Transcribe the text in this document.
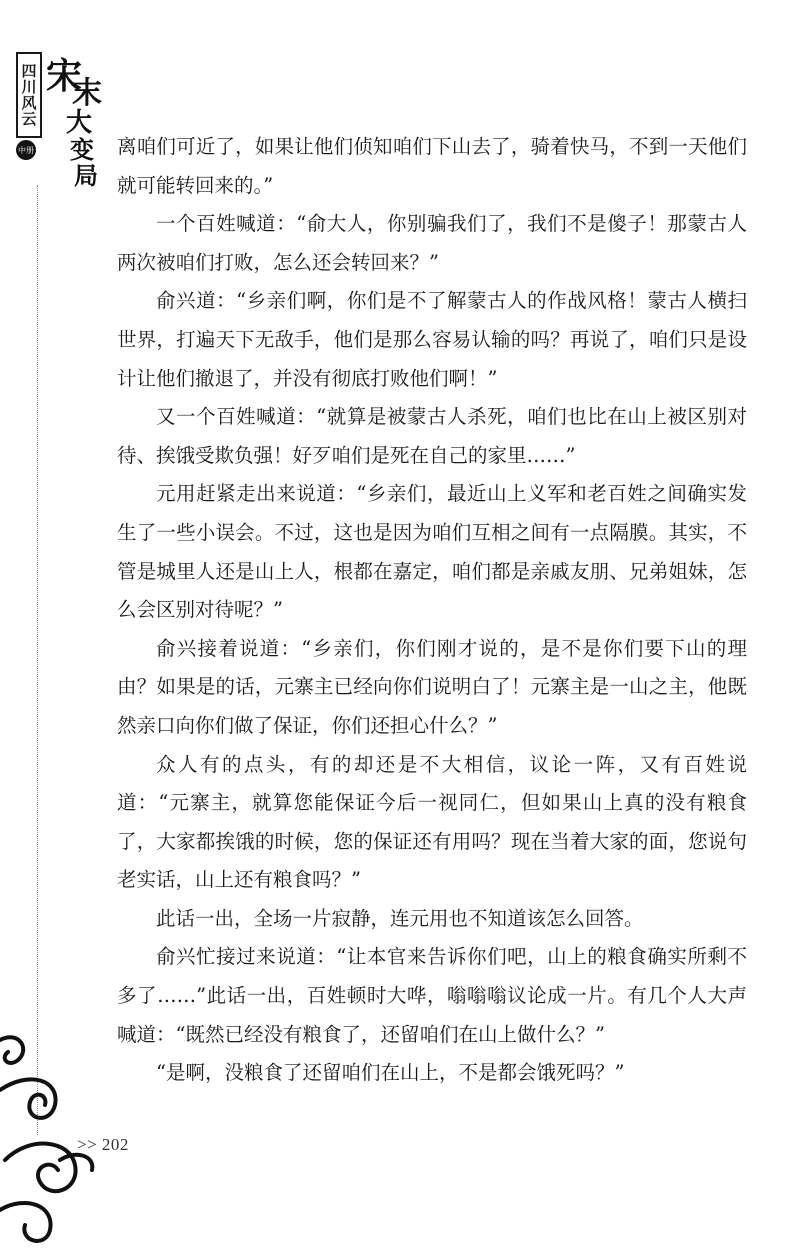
四川风云 宋
末
大
变
局
中册	离咱们可近了，如果让他们侦知咱们下山去了，骑着快马，不到一天他们就可能转回来的。”

一个百姓喊道：“俞大人，你别骗我们了，我们不是傻子！那蒙古人两次被咱们打败，怎么还会转回来？”

俞兴道：“乡亲们啊，你们是不了解蒙古人的作战风格！蒙古人横扫世界，打遍天下无敌手，他们是那么容易认输的吗？再说了，咱们只是设计让他们撤退了，并没有彻底打败他们啊！”

又一个百姓喊道：“就算是被蒙古人杀死，咱们也比在山上被区别对待、挨饿受欺负强！好歹咱们是死在自己的家里……”

元用赶紧走出来说道：“乡亲们，最近山上义军和老百姓之间确实发生了一些小误会。不过，这也是因为咱们互相之间有一点隔膜。其实，不管是城里人还是山上人，根都在嘉定，咱们都是亲戚友朋、兄弟姐妹，怎么会区别对待呢？”

俞兴接着说道：“乡亲们，你们刚才说的，是不是你们要下山的理由？如果是的话，元寨主已经向你们说明白了！元寨主是一山之主，他既然亲口向你们做了保证，你们还担心什么？”

众人有的点头，有的却还是不大相信，议论一阵，又有百姓说道：“元寨主，就算您能保证今后一视同仁，但如果山上真的没有粮食了，大家都挨饿的时候，您的保证还有用吗？现在当着大家的面，您说句老实话，山上还有粮食吗？”

此话一出，全场一片寂静，连元用也不知道该怎么回答。

俞兴忙接过来说道：“让本官来告诉你们吧，山上的粮食确实所剩不多了……”此话一出，百姓顿时大哗，嗡嗡嗡议论成一片。有几个人大声喊道：“既然已经没有粮食了，还留咱们在山上做什么？”

“是啊，没粮食了还留咱们在山上，不是都会饿死吗？”

>> 202
